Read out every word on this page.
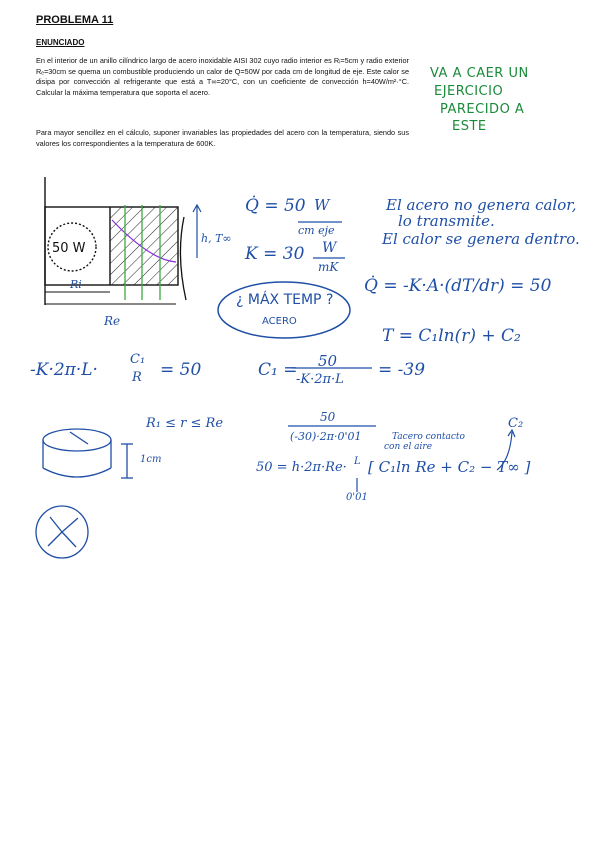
PROBLEMA 11
ENUNCIADO
En el interior de un anillo cilíndrico largo de acero inoxidable AISI 302 cuyo radio interior es Rᵢ=5cm y radio exterior Rₑ=30cm se quema un combustible produciendo un calor de Q=50W por cada cm de longitud de eje. Este calor se disipa por convección al refrigerante que está a T∞=20°C, con un coeficiente de convección h=40W/m²·°C. Calcular la máxima temperatura que soporta el acero.
Para mayor sencillez en el cálculo, suponer invariables las propiedades del acero con la temperatura, siendo sus valores los correspondientes a la temperatura de 600K.
VA A CAER UN
EJERCICIO
PARECIDO A
ESTE
50 W
Ri
Re
h, T∞
Q̇ = 50 W
cm eje
K = 30 W
mK
El acero no genera calor,
lo transmite.
El calor se genera dentro.
Q̇ = -K·A·(dT/dr) = 50
T = C₁ln(r) + C₂
¿ MÁX TEMP ?
ACERO
-K·2π·L·
C₁
R = 50	C₁ = 50
-K·2π·L = -39
R₁ ≤ r ≤ Re
1cm
50
(-30)·2π·0'01	Tacero contacto
con el aire
C₂
50 = h·2π·Re· L [ C₁ln Re + C₂ − T∞ ]
0'01
